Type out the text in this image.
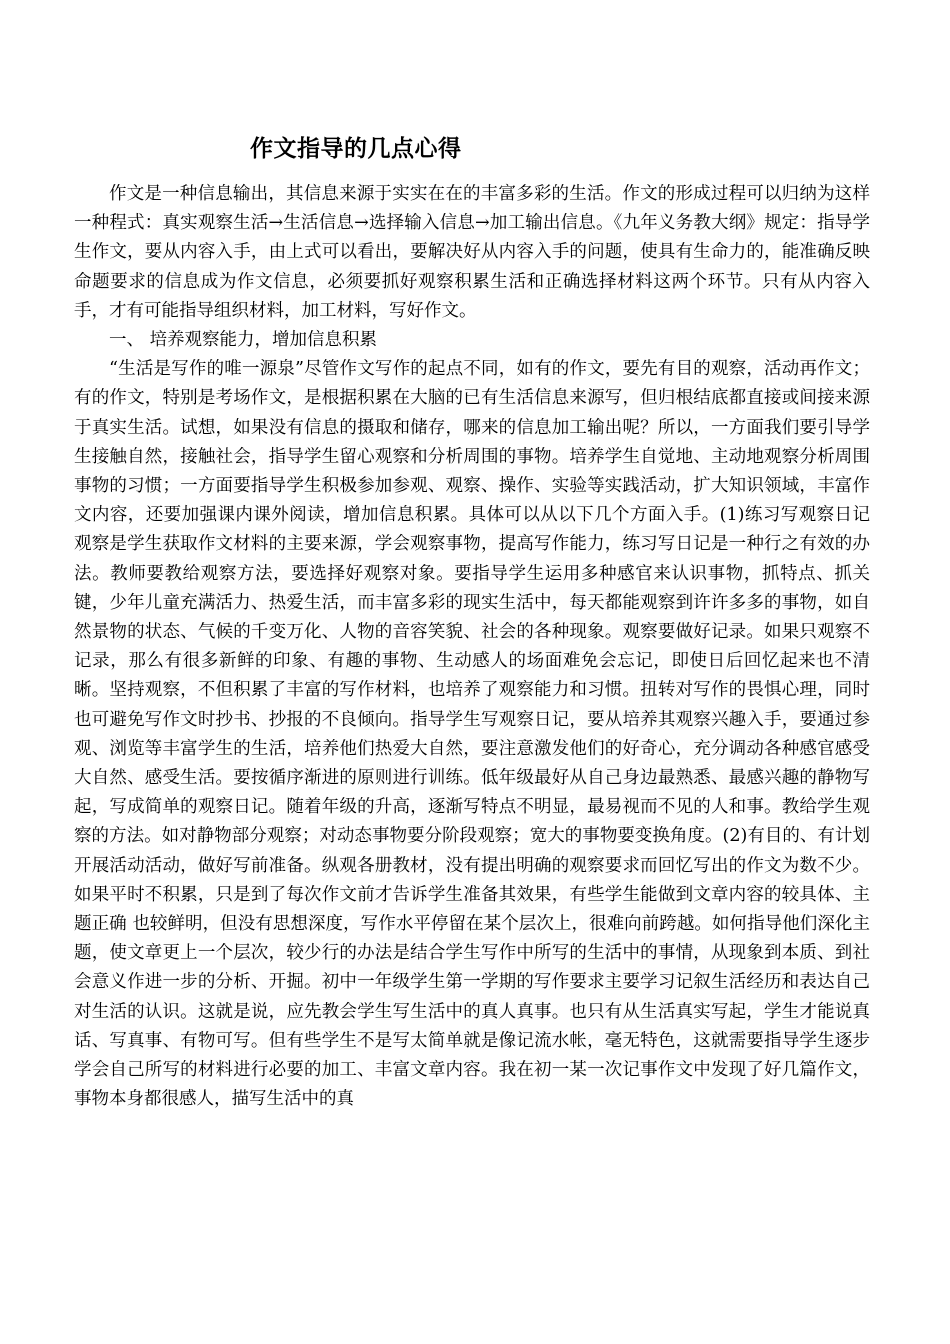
作文指导的几点心得

作文是一种信息输出，其信息来源于实实在在的丰富多彩的生活。作文的形成过程可以归纳为这样一种程式：真实观察生活→生活信息→选择输入信息→加工输出信息。《九年义务教大纲》规定：指导学生作文，要从内容入手，由上式可以看出，要解决好从内容入手的问题，使具有生命力的，能准确反映命题要求的信息成为作文信息，必须要抓好观察积累生活和正确选择材料这两个环节。只有从内容入手，才有可能指导组织材料，加工材料，写好作文。

一、 培养观察能力，增加信息积累

“生活是写作的唯一源泉”尽管作文写作的起点不同，如有的作文，要先有目的观察，活动再作文；有的作文，特别是考场作文，是根据积累在大脑的已有生活信息来源写，但归根结底都直接或间接来源于真实生活。试想，如果没有信息的摄取和储存，哪来的信息加工输出呢？所以，一方面我们要引导学生接触自然，接触社会，指导学生留心观察和分析周围的事物。培养学生自觉地、主动地观察分析周围事物的习惯；一方面要指导学生积极参加参观、观察、操作、实验等实践活动，扩大知识领域，丰富作文内容，还要加强课内课外阅读，增加信息积累。具体可以从以下几个方面入手。(1)练习写观察日记 观察是学生获取作文材料的主要来源，学会观察事物，提高写作能力，练习写日记是一种行之有效的办法。教师要教给观察方法，要选择好观察对象。要指导学生运用多种感官来认识事物，抓特点、抓关键，少年儿童充满活力、热爱生活，而丰富多彩的现实生活中，每天都能观察到许许多多的事物，如自然景物的状态、气候的千变万化、人物的音容笑貌、社会的各种现象。观察要做好记录。如果只观察不记录，那么有很多新鲜的印象、有趣的事物、生动感人的场面难免会忘记，即使日后回忆起来也不清晰。坚持观察，不但积累了丰富的写作材料，也培养了观察能力和习惯。扭转对写作的畏惧心理，同时也可避免写作文时抄书、抄报的不良倾向。指导学生写观察日记，要从培养其观察兴趣入手，要通过参观、浏览等丰富学生的生活，培养他们热爱大自然，要注意激发他们的好奇心，充分调动各种感官感受大自然、感受生活。要按循序渐进的原则进行训练。低年级最好从自己身边最熟悉、最感兴趣的静物写起，写成简单的观察日记。随着年级的升高，逐渐写特点不明显，最易视而不见的人和事。教给学生观察的方法。如对静物部分观察；对动态事物要分阶段观察；宽大的事物要变换角度。(2)有目的、有计划开展活动活动，做好写前准备。纵观各册教材，没有提出明确的观察要求而回忆写出的作文为数不少。如果平时不积累，只是到了每次作文前才告诉学生准备其效果，有些学生能做到文章内容的较具体、主题正确 也较鲜明，但没有思想深度，写作水平停留在某个层次上，很难向前跨越。如何指导他们深化主题，使文章更上一个层次，较少行的办法是结合学生写作中所写的生活中的事情，从现象到本质、到社会意义作进一步的分析、开掘。初中一年级学生第一学期的写作要求主要学习记叙生活经历和表达自己对生活的认识。这就是说，应先教会学生写生活中的真人真事。也只有从生活真实写起，学生才能说真话、写真事、有物可写。但有些学生不是写太简单就是像记流水帐，毫无特色，这就需要指导学生逐步学会自己所写的材料进行必要的加工、丰富文章内容。我在初一某一次记事作文中发现了好几篇作文，事物本身都很感人，描写生活中的真
